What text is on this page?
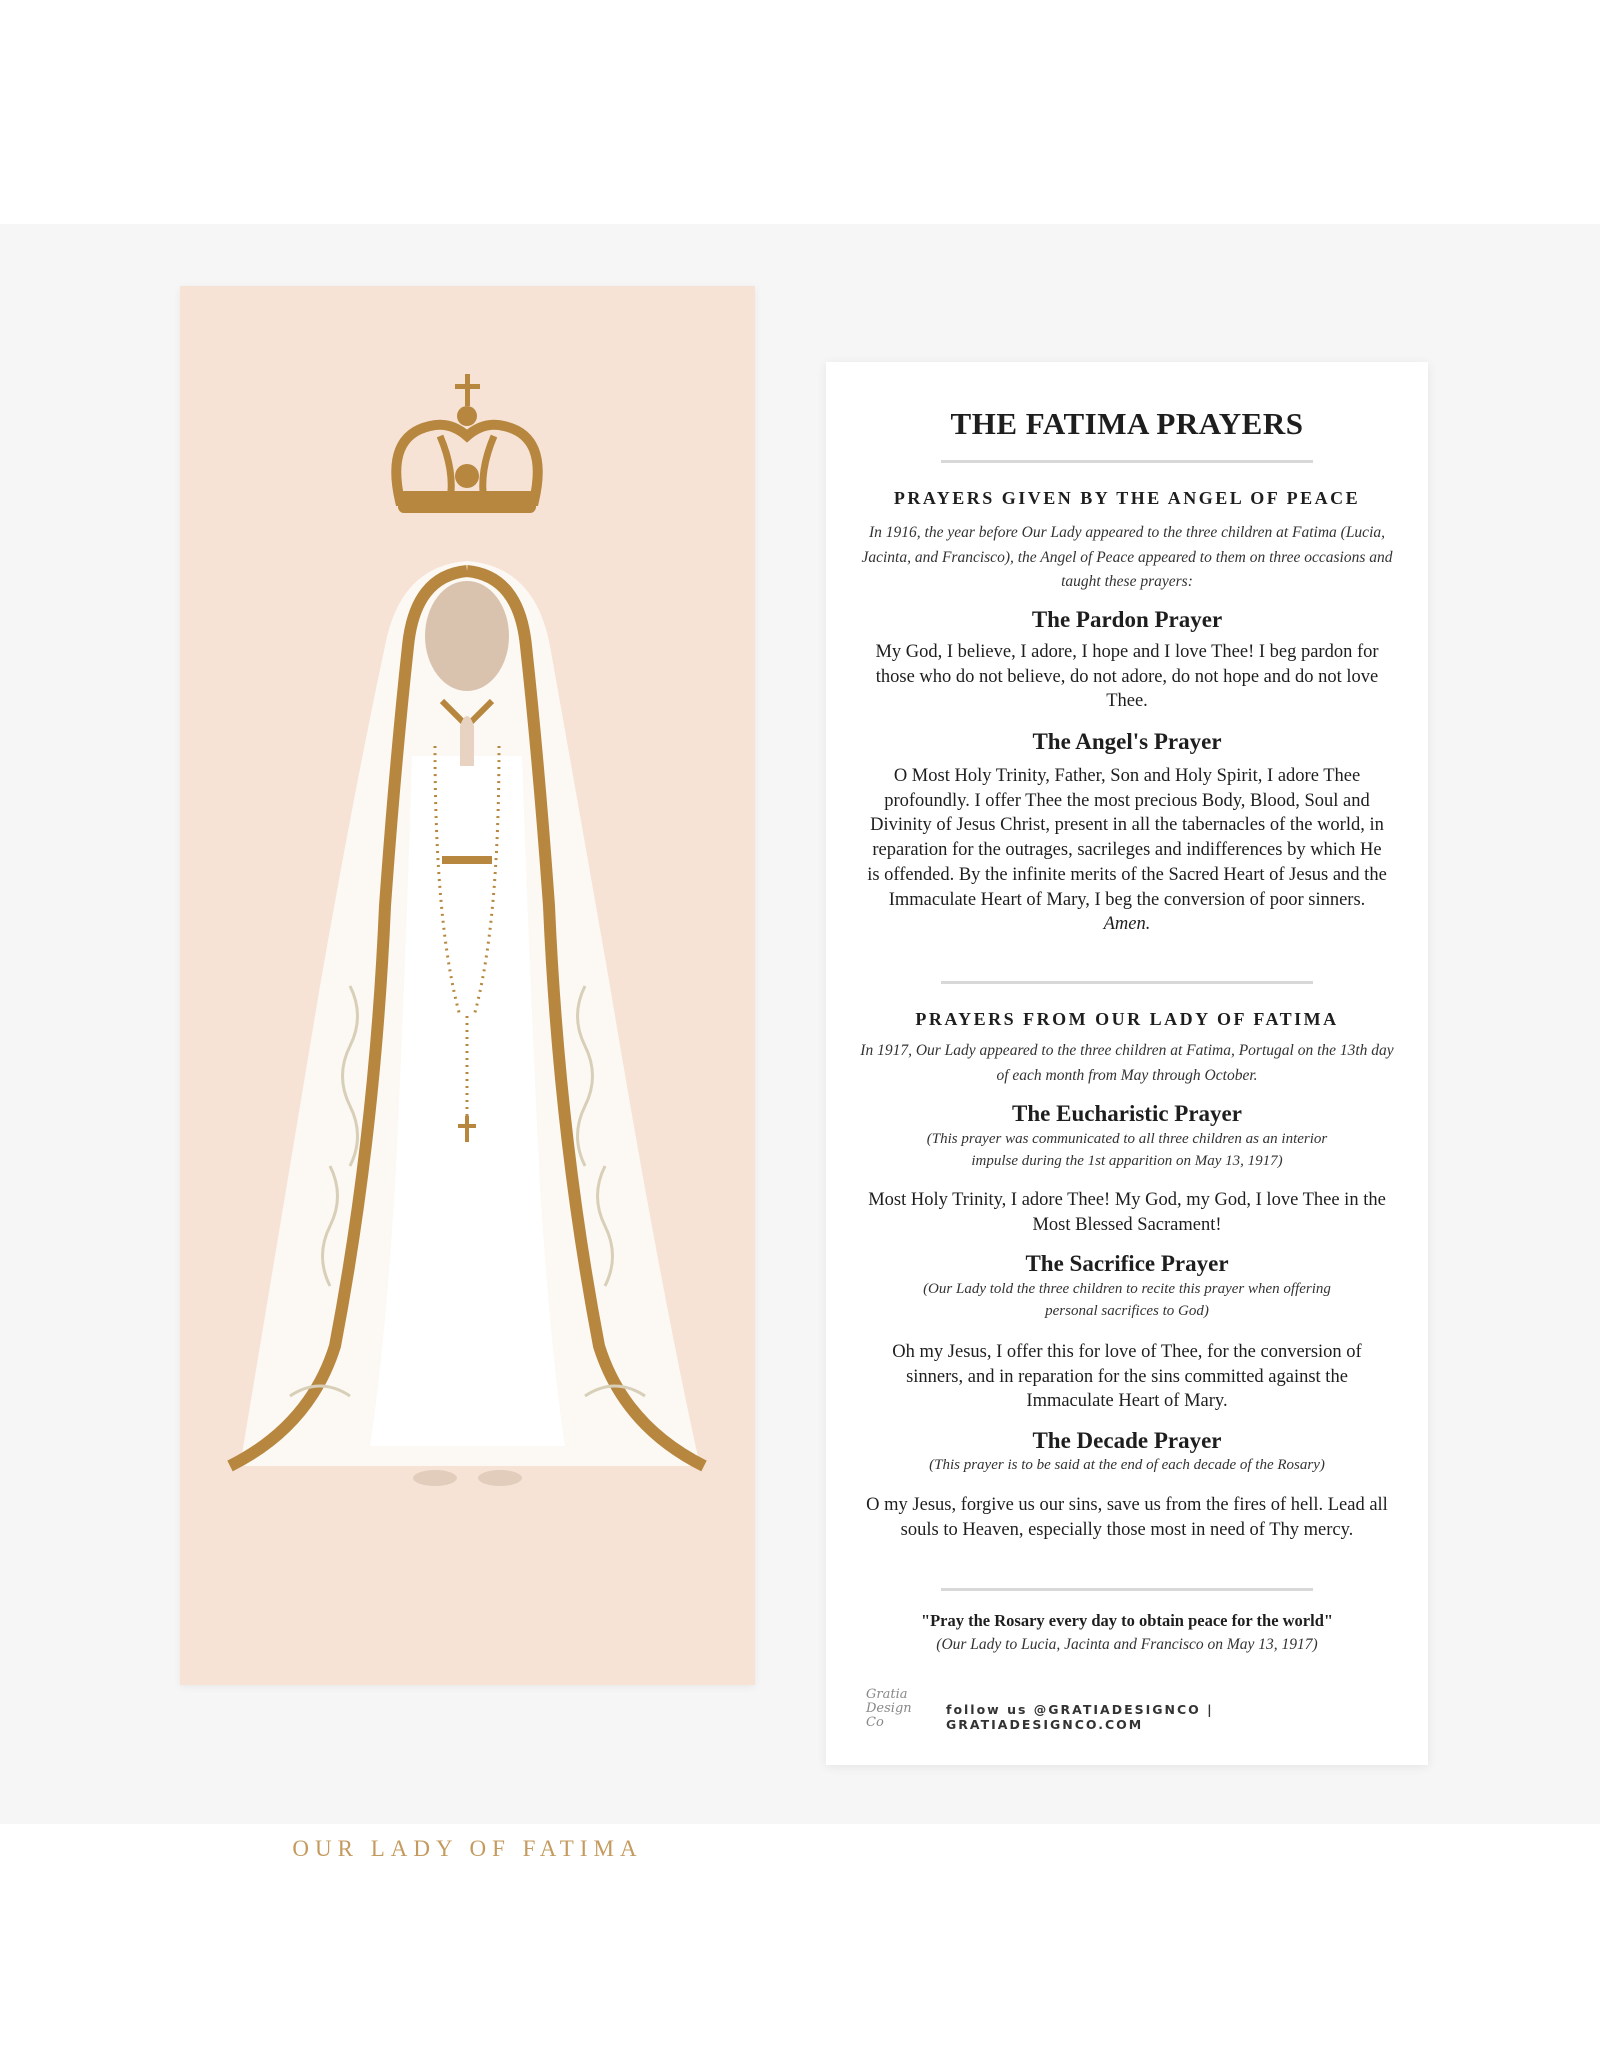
OUR LADY OF FATIMA
THE FATIMA PRAYERS
PRAYERS GIVEN BY THE ANGEL OF PEACE
In 1916, the year before Our Lady appeared to the three children at Fatima (Lucia, Jacinta, and Francisco), the Angel of Peace appeared to them on three occasions and taught these prayers:
The Pardon Prayer
My God, I believe, I adore, I hope and I love Thee! I beg pardon for those who do not believe, do not adore, do not hope and do not love Thee.
The Angel's Prayer
O Most Holy Trinity, Father, Son and Holy Spirit, I adore Thee profoundly. I offer Thee the most precious Body, Blood, Soul and Divinity of Jesus Christ, present in all the tabernacles of the world, in reparation for the outrages, sacrileges and indifferences by which He is offended. By the infinite merits of the Sacred Heart of Jesus and the Immaculate Heart of Mary, I beg the conversion of poor sinners. Amen.
PRAYERS FROM OUR LADY OF FATIMA
In 1917, Our Lady appeared to the three children at Fatima, Portugal on the 13th day of each month from May through October.
The Eucharistic Prayer
(This prayer was communicated to all three children as an interior impulse during the 1st apparition on May 13, 1917)
Most Holy Trinity, I adore Thee! My God, my God, I love Thee in the Most Blessed Sacrament!
The Sacrifice Prayer
(Our Lady told the three children to recite this prayer when offering personal sacrifices to God)
Oh my Jesus, I offer this for love of Thee, for the conversion of sinners, and in reparation for the sins committed against the Immaculate Heart of Mary.
The Decade Prayer
(This prayer is to be said at the end of each decade of the Rosary)
O my Jesus, forgive us our sins, save us from the fires of hell. Lead all souls to Heaven, especially those most in need of Thy mercy.
"Pray the Rosary every day to obtain peace for the world"
(Our Lady to Lucia, Jacinta and Francisco on May 13, 1917)
Gratia
Design
Co
follow us @GRATIADESIGNCO | GRATIADESIGNCO.COM
